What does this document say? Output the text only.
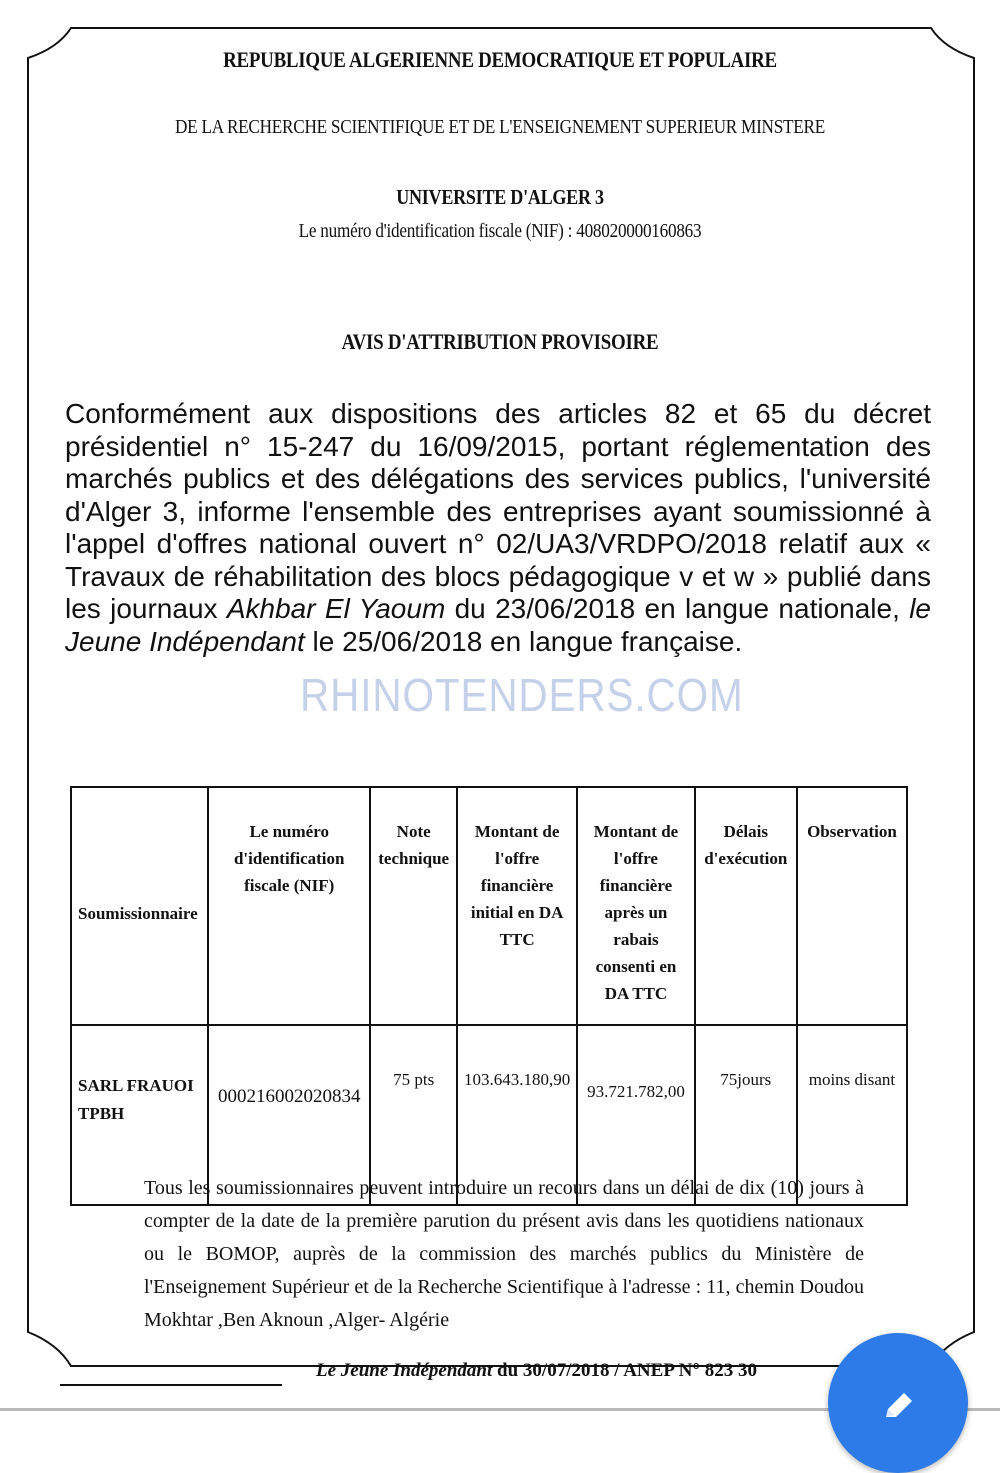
REPUBLIQUE ALGERIENNE DEMOCRATIQUE ET POPULAIRE
DE LA RECHERCHE SCIENTIFIQUE ET DE L'ENSEIGNEMENT SUPERIEUR MINSTERE
UNIVERSITE D'ALGER 3
Le numéro d'identification fiscale (NIF) : 408020000160863
AVIS D'ATTRIBUTION PROVISOIRE
Conformément aux dispositions des articles 82 et 65 du décret présidentiel n° 15-247 du 16/09/2015, portant réglementation des marchés publics et des délégations des services publics, l'université d'Alger 3, informe l'ensemble des entreprises ayant soumissionné à l'appel d'offres national ouvert n° 02/UA3/VRDPO/2018 relatif aux « Travaux de réhabilitation des blocs pédagogique v et w » publié dans les journaux Akhbar El Yaoum du 23/06/2018 en langue nationale, le Jeune Indépendant le 25/06/2018 en langue française.
RHINOTENDERS.COM
Soumissionnaire	Le numéro d'identification fiscale (NIF)	Note technique	Montant de l'offre financière initial en DA TTC	Montant de l'offre financière après un rabais consenti en DA TTC	Délais d'exécution	Observation
SARL FRAUOI TPBH	000216002020834	75 pts	103.643.180,90	93.721.782,00	75jours	moins disant
Tous les soumissionnaires peuvent introduire un recours dans un délai de dix (10) jours à compter de la date de la première parution du présent avis dans les quotidiens nationaux ou le BOMOP, auprès de la commission des marchés publics du Ministère de l'Enseignement Supérieur et de la Recherche Scientifique à l'adresse : 11, chemin Doudou Mokhtar ,Ben Aknoun ,Alger- Algérie
Le Jeune Indépendant du 30/07/2018 / ANEP N° 823 30
